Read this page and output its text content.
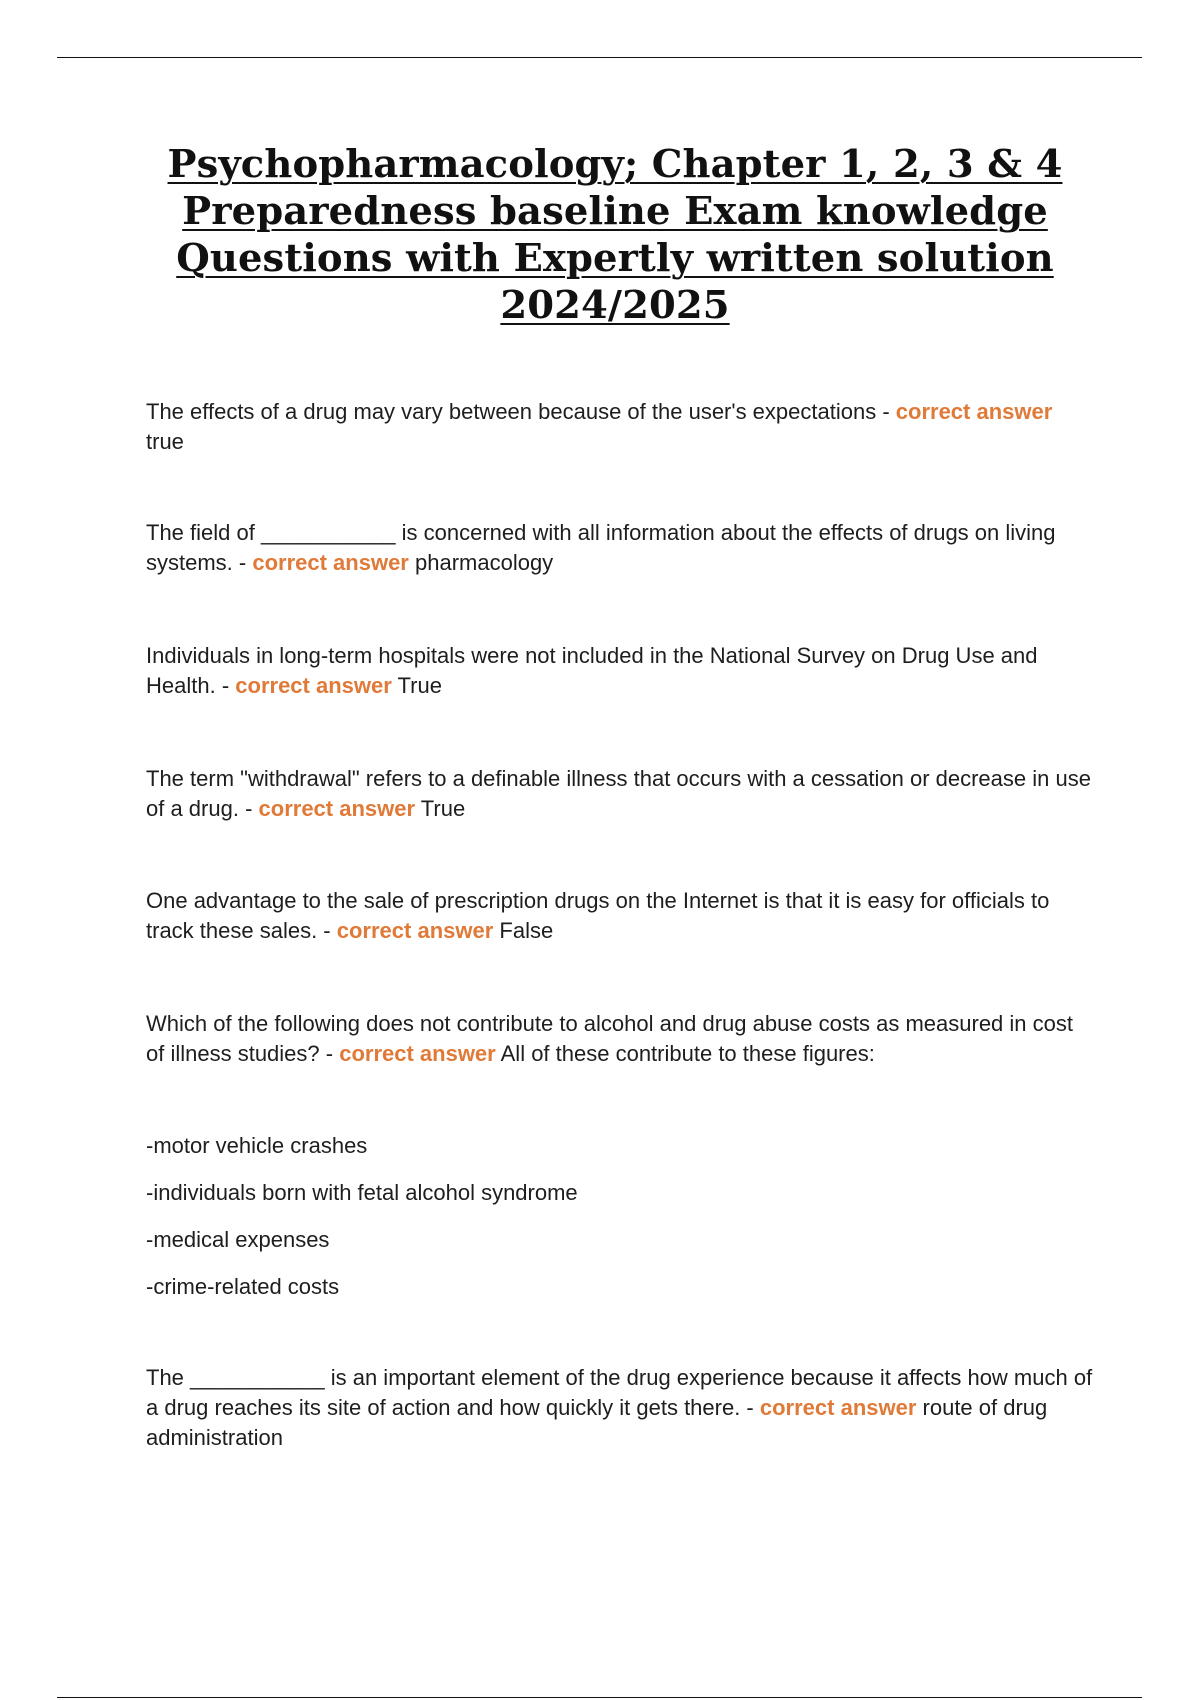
Psychopharmacology; Chapter 1, 2, 3 & 4 Preparedness baseline Exam knowledge Questions with Expertly written solution 2024/2025

The effects of a drug may vary between because of the user's expectations - correct answer true

The field of ___________ is concerned with all information about the effects of drugs on living systems. - correct answer pharmacology

Individuals in long-term hospitals were not included in the National Survey on Drug Use and Health. - correct answer True

The term "withdrawal" refers to a definable illness that occurs with a cessation or decrease in use of a drug. - correct answer True

One advantage to the sale of prescription drugs on the Internet is that it is easy for officials to track these sales. - correct answer False

Which of the following does not contribute to alcohol and drug abuse costs as measured in cost of illness studies? - correct answer All of these contribute to these figures:

-motor vehicle crashes
-individuals born with fetal alcohol syndrome
-medical expenses
-crime-related costs

The ___________ is an important element of the drug experience because it affects how much of a drug reaches its site of action and how quickly it gets there. - correct answer route of drug administration
